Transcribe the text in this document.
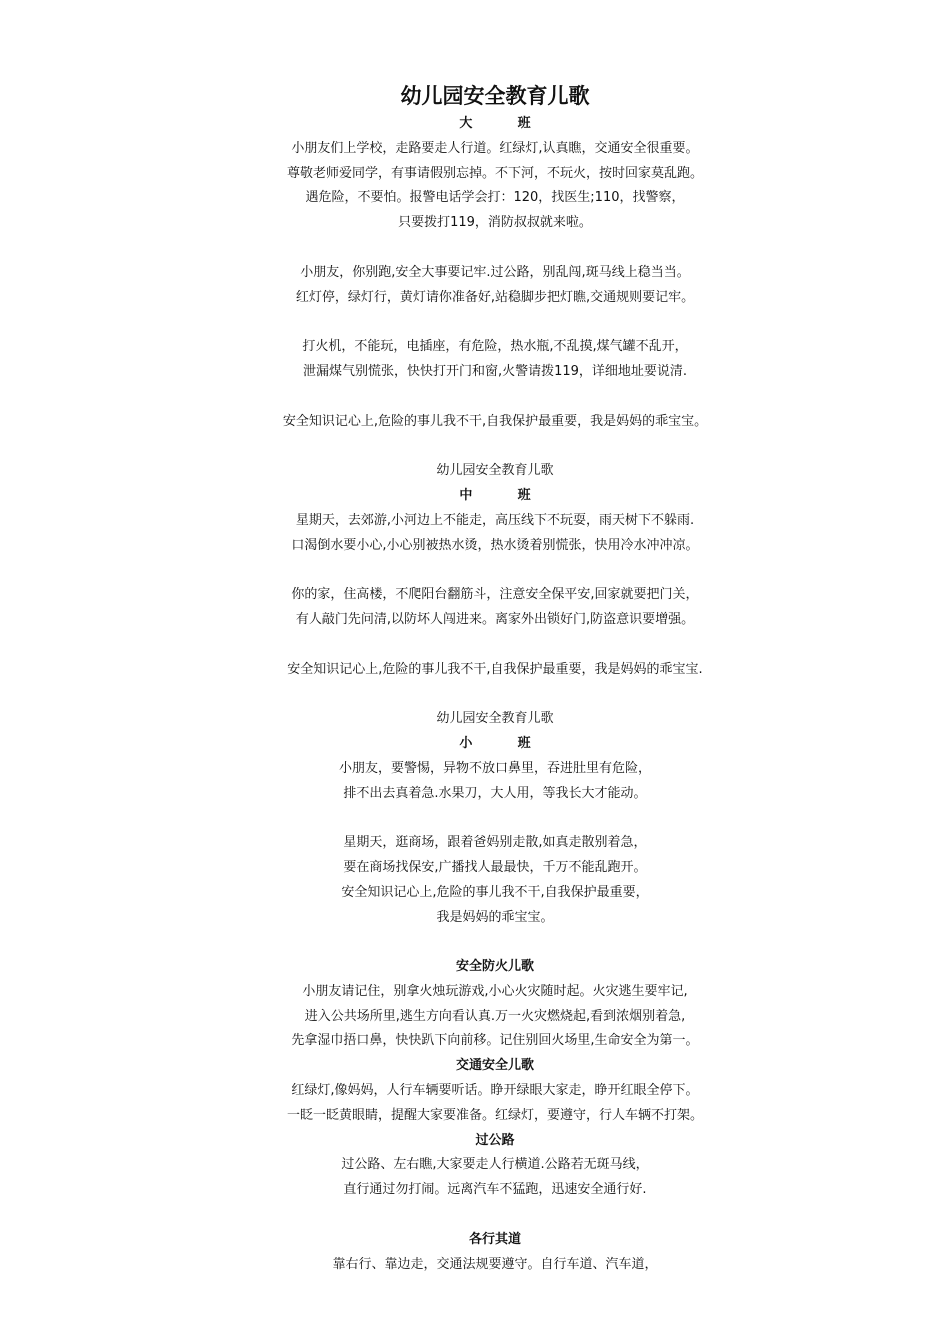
幼儿园安全教育儿歌
大          班
小朋友们上学校，走路要走人行道。红绿灯,认真瞧，交通安全很重要。
尊敬老师爱同学，有事请假别忘掉。不下河，不玩火，按时回家莫乱跑。
遇危险，不要怕。报警电话学会打：120，找医生;110，找警察，
只要拨打119，消防叔叔就来啦。
小朋友，你别跑,安全大事要记牢.过公路，别乱闯,斑马线上稳当当。
红灯停，绿灯行，黄灯请你准备好,站稳脚步把灯瞧,交通规则要记牢。
打火机，不能玩，电插座，有危险，热水瓶,不乱摸,煤气罐不乱开，
泄漏煤气别慌张，快快打开门和窗,火警请拨119，详细地址要说清.
安全知识记心上,危险的事儿我不干,自我保护最重要，我是妈妈的乖宝宝。
幼儿园安全教育儿歌
中          班
星期天，去郊游,小河边上不能走，高压线下不玩耍，雨天树下不躲雨.
口渴倒水要小心,小心别被热水烫，热水烫着别慌张，快用冷水冲冲凉。
你的家，住高楼，不爬阳台翻筋斗，注意安全保平安,回家就要把门关，
有人敲门先问清,以防坏人闯进来。离家外出锁好门,防盗意识要增强。
安全知识记心上,危险的事儿我不干,自我保护最重要，我是妈妈的乖宝宝.
幼儿园安全教育儿歌
小          班
小朋友，要警惕，异物不放口鼻里，吞进肚里有危险，
排不出去真着急.水果刀，大人用，等我长大才能动。
星期天，逛商场，跟着爸妈别走散,如真走散别着急，
要在商场找保安,广播找人最最快，千万不能乱跑开。
安全知识记心上,危险的事儿我不干,自我保护最重要，
我是妈妈的乖宝宝。
安全防火儿歌
小朋友请记住，别拿火烛玩游戏,小心火灾随时起。火灾逃生要牢记,
进入公共场所里,逃生方向看认真.万一火灾燃烧起,看到浓烟别着急,
先拿湿巾捂口鼻，快快趴下向前移。记住别回火场里,生命安全为第一。
交通安全儿歌
红绿灯,像妈妈，人行车辆要听话。睁开绿眼大家走，睁开红眼全停下。
一眨一眨黄眼睛，提醒大家要准备。红绿灯，要遵守，行人车辆不打架。
过公路
过公路、左右瞧,大家要走人行横道.公路若无斑马线，
直行通过勿打闹。远离汽车不猛跑，迅速安全通行好.
各行其道
靠右行、靠边走，交通法规要遵守。自行车道、汽车道，
